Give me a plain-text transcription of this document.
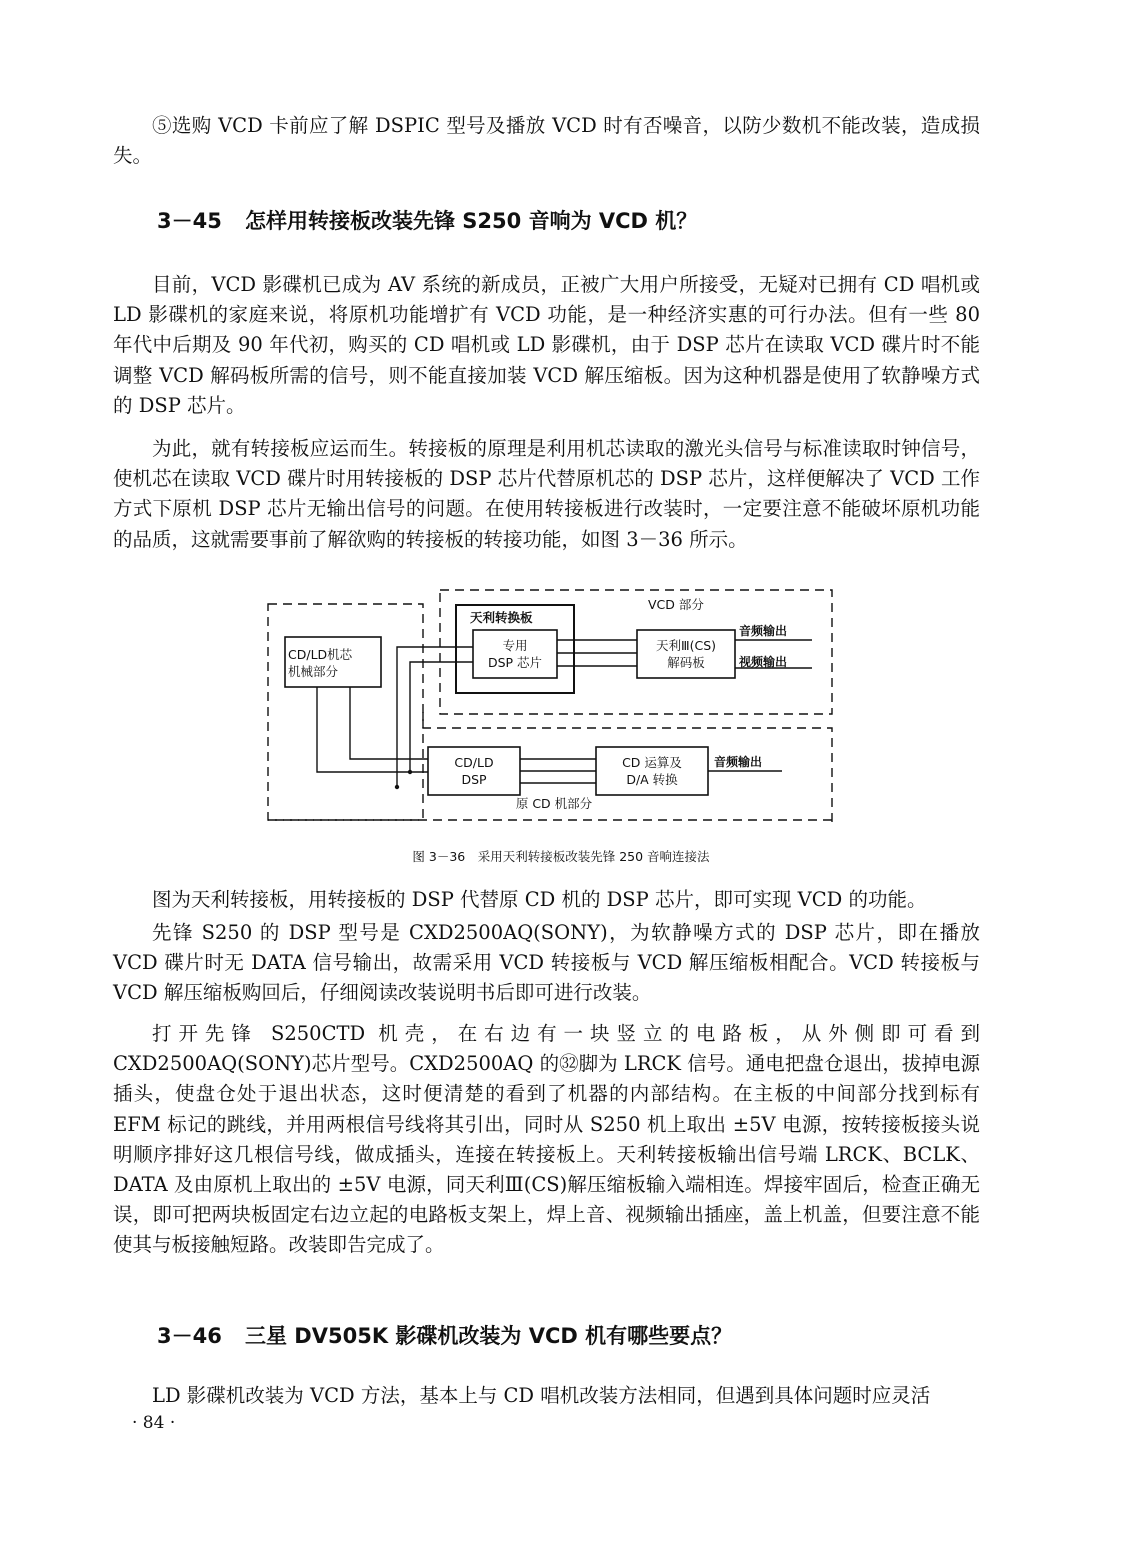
⑤选购 VCD 卡前应了解 DSPIC 型号及播放 VCD 时有否噪音，以防少数机不能改装，造成损失。

3－45 怎样用转接板改装先锋 S250 音响为 VCD 机？

目前，VCD 影碟机已成为 AV 系统的新成员，正被广大用户所接受，无疑对已拥有 CD 唱机或 LD 影碟机的家庭来说，将原机功能增扩有 VCD 功能，是一种经济实惠的可行办法。但有一些 80 年代中后期及 90 年代初，购买的 CD 唱机或 LD 影碟机，由于 DSP 芯片在读取 VCD 碟片时不能调整 VCD 解码板所需的信号，则不能直接加装 VCD 解压缩板。因为这种机器是使用了软静噪方式的 DSP 芯片。

为此，就有转接板应运而生。转接板的原理是利用机芯读取的激光头信号与标准读取时钟信号，使机芯在读取 VCD 碟片时用转接板的 DSP 芯片代替原机芯的 DSP 芯片，这样便解决了 VCD 工作方式下原机 DSP 芯片无输出信号的问题。在使用转接板进行改装时，一定要注意不能破坏原机功能的品质，这就需要事前了解欲购的转接板的转接功能，如图 3－36 所示。

VCD 部分
天利转换板
专用
DSP 芯片
天利Ⅲ(CS)
解码板
音频输出
视频输出
CD/LD机芯
机械部分
CD/LD
DSP
CD 运算及
D/A 转换
音频输出
原 CD 机部分
图 3－36　采用天利转接板改装先锋 250 音响连接法

图为天利转接板，用转接板的 DSP 代替原 CD 机的 DSP 芯片，即可实现 VCD 的功能。

先锋 S250 的 DSP 型号是 CXD2500AQ(SONY)，为软静噪方式的 DSP 芯片，即在播放 VCD 碟片时无 DATA 信号输出，故需采用 VCD 转接板与 VCD 解压缩板相配合。VCD 转接板与 VCD 解压缩板购回后，仔细阅读改装说明书后即可进行改装。

打开先锋 S250CTD 机壳，在右边有一块竖立的电路板，从外侧即可看到 CXD2500AQ(SONY)芯片型号。CXD2500AQ 的㉜脚为 LRCK 信号。通电把盘仓退出，拔掉电源插头，使盘仓处于退出状态，这时便清楚的看到了机器的内部结构。在主板的中间部分找到标有 EFM 标记的跳线，并用两根信号线将其引出，同时从 S250 机上取出 ±5V 电源，按转接板接头说明顺序排好这几根信号线，做成插头，连接在转接板上。天利转接板输出信号端 LRCK、BCLK、DATA 及由原机上取出的 ±5V 电源，同天利Ⅲ(CS)解压缩板输入端相连。焊接牢固后，检查正确无误，即可把两块板固定右边立起的电路板支架上，焊上音、视频输出插座，盖上机盖，但要注意不能使其与板接触短路。改装即告完成了。

3－46 三星 DV505K 影碟机改装为 VCD 机有哪些要点？

LD 影碟机改装为 VCD 方法，基本上与 CD 唱机改装方法相同，但遇到具体问题时应灵活

· 84 ·
